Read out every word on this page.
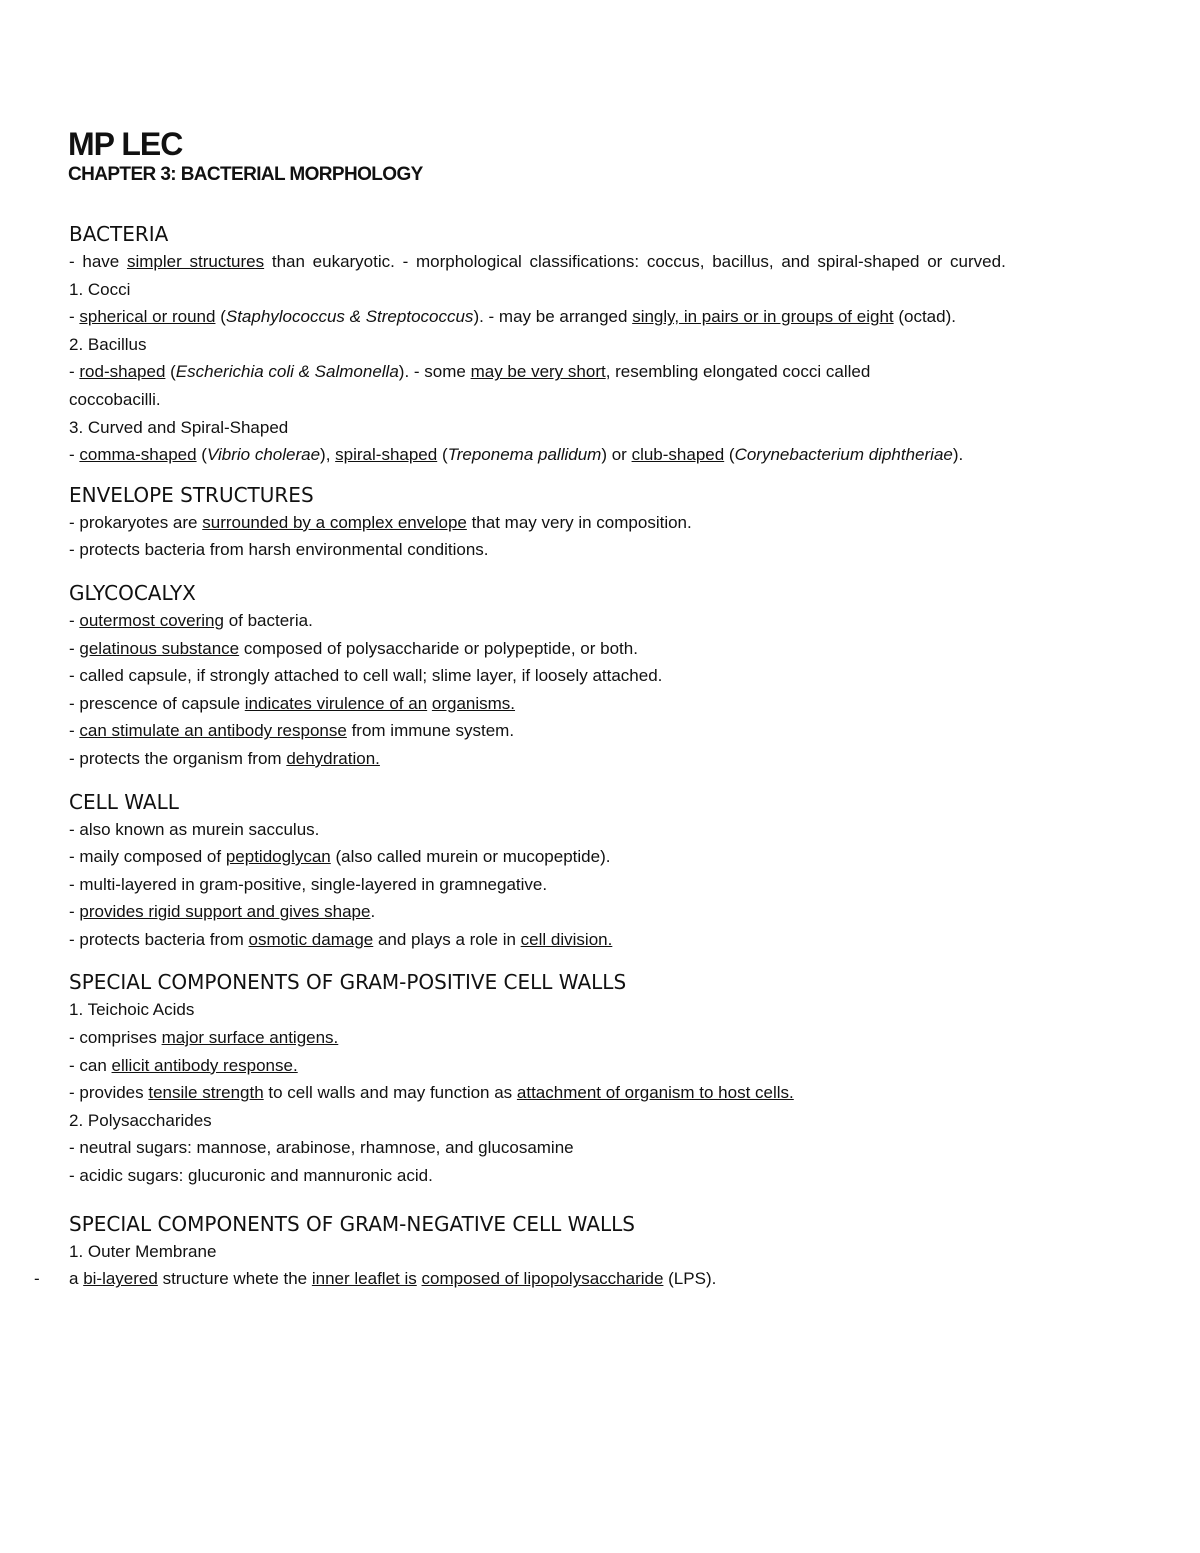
MP LEC
CHAPTER 3: BACTERIAL MORPHOLOGY
BACTERIA
- have simpler structures than eukaryotic. - morphological classifications: coccus, bacillus, and spiral-shaped or curved.
1. Cocci
- spherical or round (Staphylococcus & Streptococcus). - may be arranged singly, in pairs or in groups of eight (octad).
2. Bacillus
- rod-shaped (Escherichia coli & Salmonella). - some may be very short, resembling elongated cocci called
coccobacilli.
3. Curved and Spiral-Shaped
- comma-shaped (Vibrio cholerae), spiral-shaped (Treponema pallidum) or club-shaped (Corynebacterium diphtheriae).
ENVELOPE STRUCTURES
- prokaryotes are surrounded by a complex envelope that may very in composition.
- protects bacteria from harsh environmental conditions.
GLYCOCALYX
- outermost covering of bacteria.
- gelatinous substance composed of polysaccharide or polypeptide, or both.
- called capsule, if strongly attached to cell wall; slime layer, if loosely attached.
- prescence of capsule indicates virulence of an organisms.
- can stimulate an antibody response from immune system.
- protects the organism from dehydration.
CELL WALL
- also known as murein sacculus.
- maily composed of peptidoglycan (also called murein or mucopeptide).
- multi-layered in gram-positive, single-layered in gramnegative.
- provides rigid support and gives shape.
- protects bacteria from osmotic damage and plays a role in cell division.
SPECIAL COMPONENTS OF GRAM-POSITIVE CELL WALLS
1. Teichoic Acids
- comprises major surface antigens.
- can ellicit antibody response.
- provides tensile strength to cell walls and may function as attachment of organism to host cells.
2. Polysaccharides
- neutral sugars: mannose, arabinose, rhamnose, and glucosamine
- acidic sugars: glucuronic and mannuronic acid.
SPECIAL COMPONENTS OF GRAM-NEGATIVE CELL WALLS
1. Outer Membrane
- a bi-layered structure whete the inner leaflet is composed of lipopolysaccharide (LPS).
